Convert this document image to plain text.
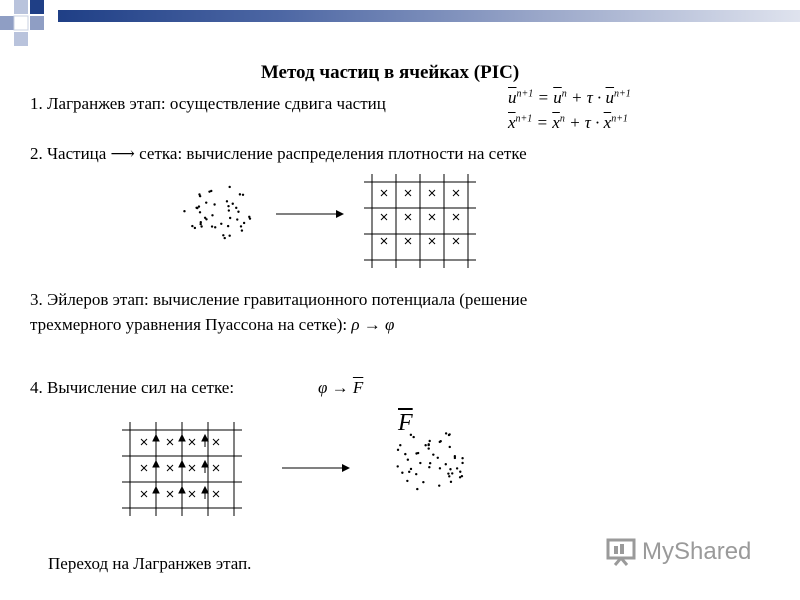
Метод частиц в ячейках (PIC)
1. Лагранжев этап: осуществление сдвига частиц	$\overline{u}^{n+1} = \overline{u}^n + \tau \cdot \overline{u}^{n+1}$
$\overline{x}^{n+1} = \overline{x}^n + \tau \cdot \overline{x}^{n+1}$
2. Частица ⟶ сетка: вычисление распределения плотности на сетке
3. Эйлеров этап: вычисление гравитационного потенциала (решение
трехмерного уравнения Пуассона на сетке): ρ → φ
4. Вычисление сил на сетке:	$\varphi \to \overline{F}$
$\overline{F}$
Переход на Лагранжев этап.	MyShared
